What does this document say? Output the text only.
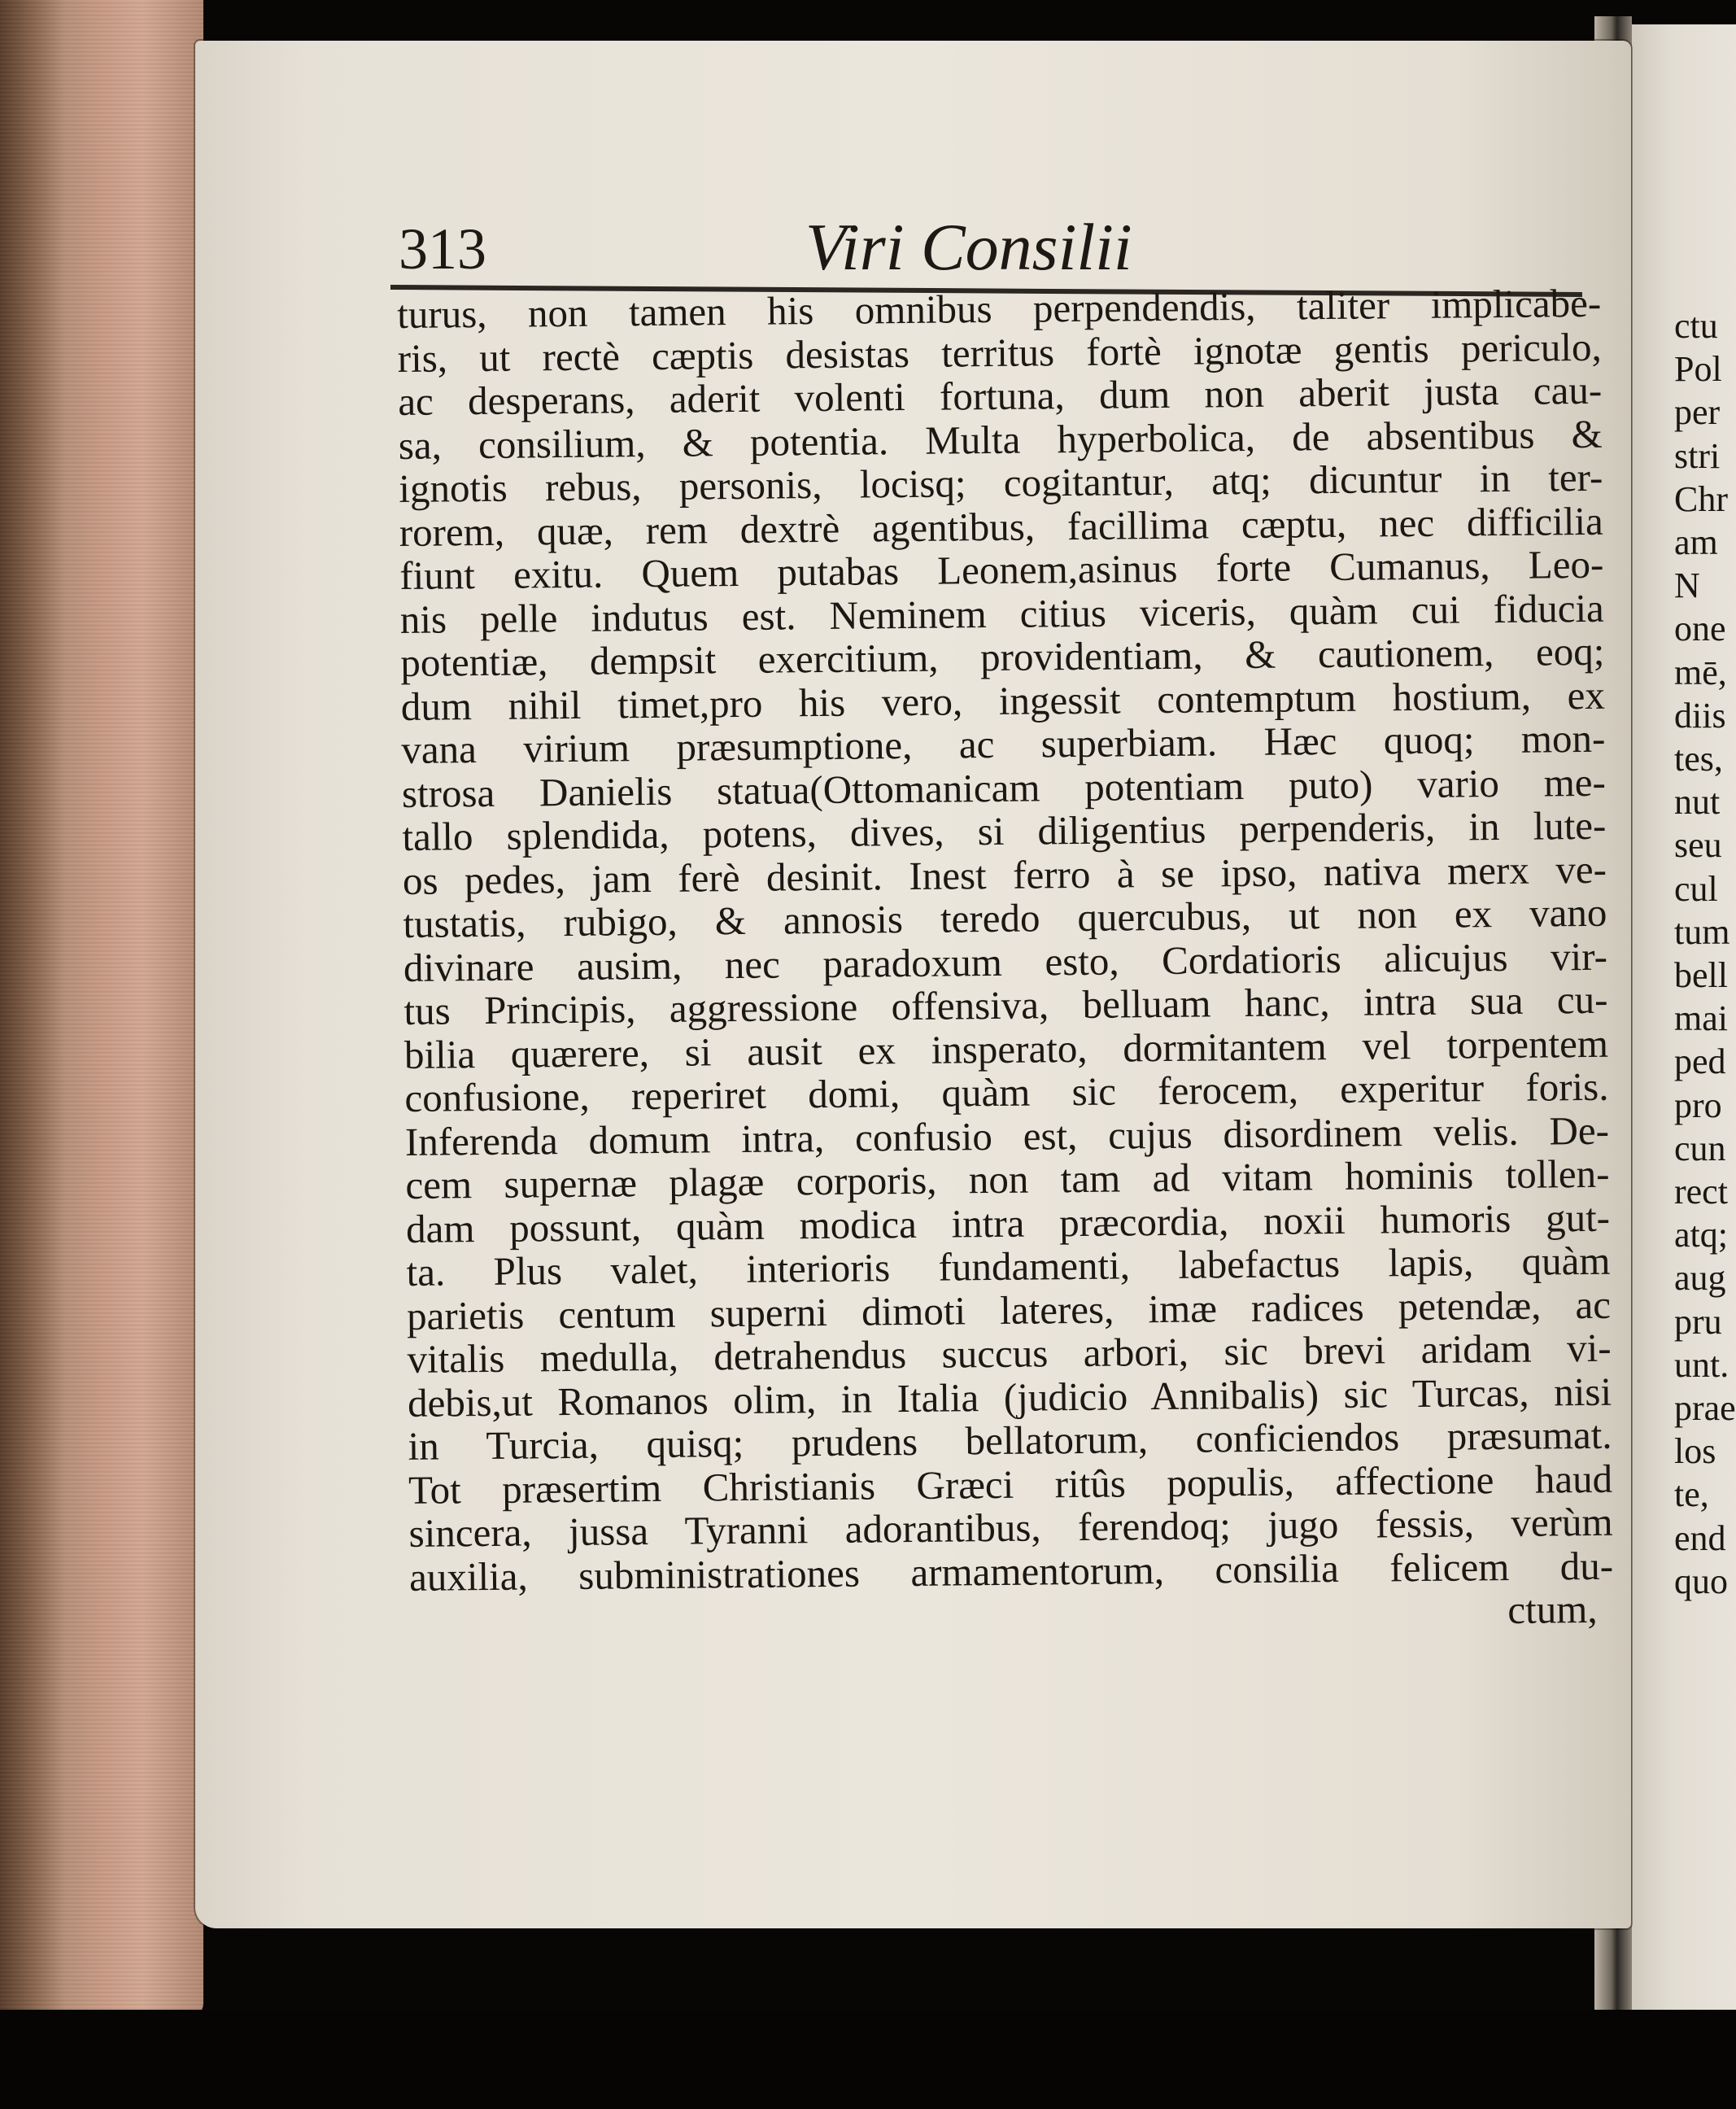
ctu
Pol
per
stri
Chr
am
N
one
mē,
diis
tes,
nut
seu
cul
tum
bell
mai
ped
pro
cun
rect
atq;
aug
pru
unt.
prae
los
te,
end
quo
313	Viri Consilii
turus, non tamen his omnibus perpendendis, taliter implicabe-
ris, ut rectè cæptis desistas territus fortè ignotæ gentis periculo,
ac desperans, aderit volenti fortuna, dum non aberit justa cau-
sa, consilium, & potentia. Multa hyperbolica, de absentibus &
ignotis rebus, personis, locisq; cogitantur, atq; dicuntur in ter-
rorem, quæ, rem dextrè agentibus, facillima cæptu, nec difficilia
fiunt exitu. Quem putabas Leonem,asinus forte Cumanus, Leo-
nis pelle indutus est. Neminem citius viceris, quàm cui fiducia
potentiæ, dempsit exercitium, providentiam, & cautionem, eoq;
dum nihil timet,pro his vero, ingessit contemptum hostium, ex
vana virium præsumptione, ac superbiam. Hæc quoq; mon-
strosa Danielis statua(Ottomanicam potentiam puto) vario me-
tallo splendida, potens, dives, si diligentius perpenderis, in lute-
os pedes, jam ferè desinit. Inest ferro à se ipso, nativa merx ve-
tustatis, rubigo, & annosis teredo quercubus, ut non ex vano
divinare ausim, nec paradoxum esto, Cordatioris alicujus vir-
tus Principis, aggressione offensiva, belluam hanc, intra sua cu-
bilia quærere, si ausit ex insperato, dormitantem vel torpentem
confusione, reperiret domi, quàm sic ferocem, experitur foris.
Inferenda domum intra, confusio est, cujus disordinem velis. De-
cem supernæ plagæ corporis, non tam ad vitam hominis tollen-
dam possunt, quàm modica intra præcordia, noxii humoris gut-
ta. Plus valet, interioris fundamenti, labefactus lapis, quàm
parietis centum superni dimoti lateres, imæ radices petendæ, ac
vitalis medulla, detrahendus succus arbori, sic brevi aridam vi-
debis,ut Romanos olim, in Italia (judicio Annibalis) sic Turcas, nisi
in Turcia, quisq; prudens bellatorum, conficiendos præsumat.
Tot præsertim Christianis Græci ritûs populis, affectione haud
sincera, jussa Tyranni adorantibus, ferendoq; jugo fessis, verùm
auxilia, subministrationes armamentorum, consilia felicem du-
ctum,
